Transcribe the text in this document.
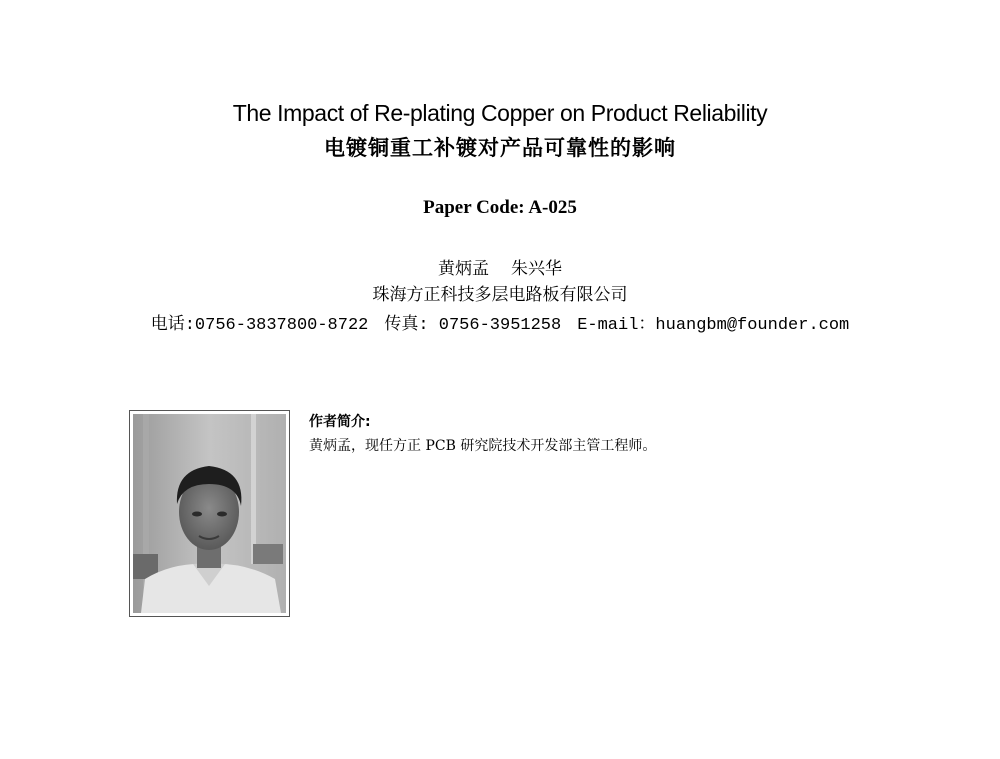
The Impact of Re-plating Copper on Product Reliability
电镀铜重工补镀对产品可靠性的影响
Paper Code: A-025
黄炳孟 朱兴华
珠海方正科技多层电路板有限公司
电话:0756-3837800-8722 传真: 0756-3951258 E-mail：huangbm@founder.com
作者简介:
黄炳孟，现任方正 PCB 研究院技术开发部主管工程师。
